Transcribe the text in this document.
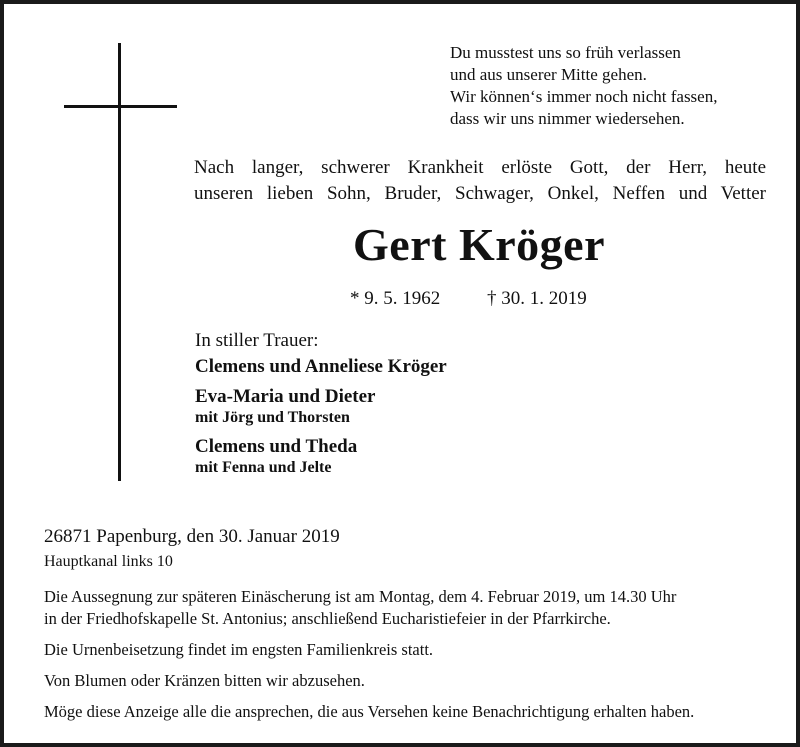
Du musstest uns so früh verlassen
und aus unserer Mitte gehen.
Wir können‘s immer noch nicht fassen,
dass wir uns nimmer wiedersehen.
Nach langer, schwerer Krankheit erlöste Gott, der Herr, heute
unseren lieben Sohn, Bruder, Schwager, Onkel, Neffen und Vetter
Gert Kröger
* 9. 5. 1962 † 30. 1. 2019
In stiller Trauer:
Clemens und Anneliese Kröger
Eva-Maria und Dieter
mit Jörg und Thorsten
Clemens und Theda
mit Fenna und Jelte
26871 Papenburg, den 30. Januar 2019
Hauptkanal links 10

Die Aussegnung zur späteren Einäscherung ist am Montag, dem 4. Februar 2019, um 14.30 Uhr

in der Friedhofskapelle St. Antonius; anschließend Eucharistiefeier in der Pfarrkirche.

Die Urnenbeisetzung findet im engsten Familienkreis statt.

Von Blumen oder Kränzen bitten wir abzusehen.

Möge diese Anzeige alle die ansprechen, die aus Versehen keine Benachrichtigung erhalten haben.
